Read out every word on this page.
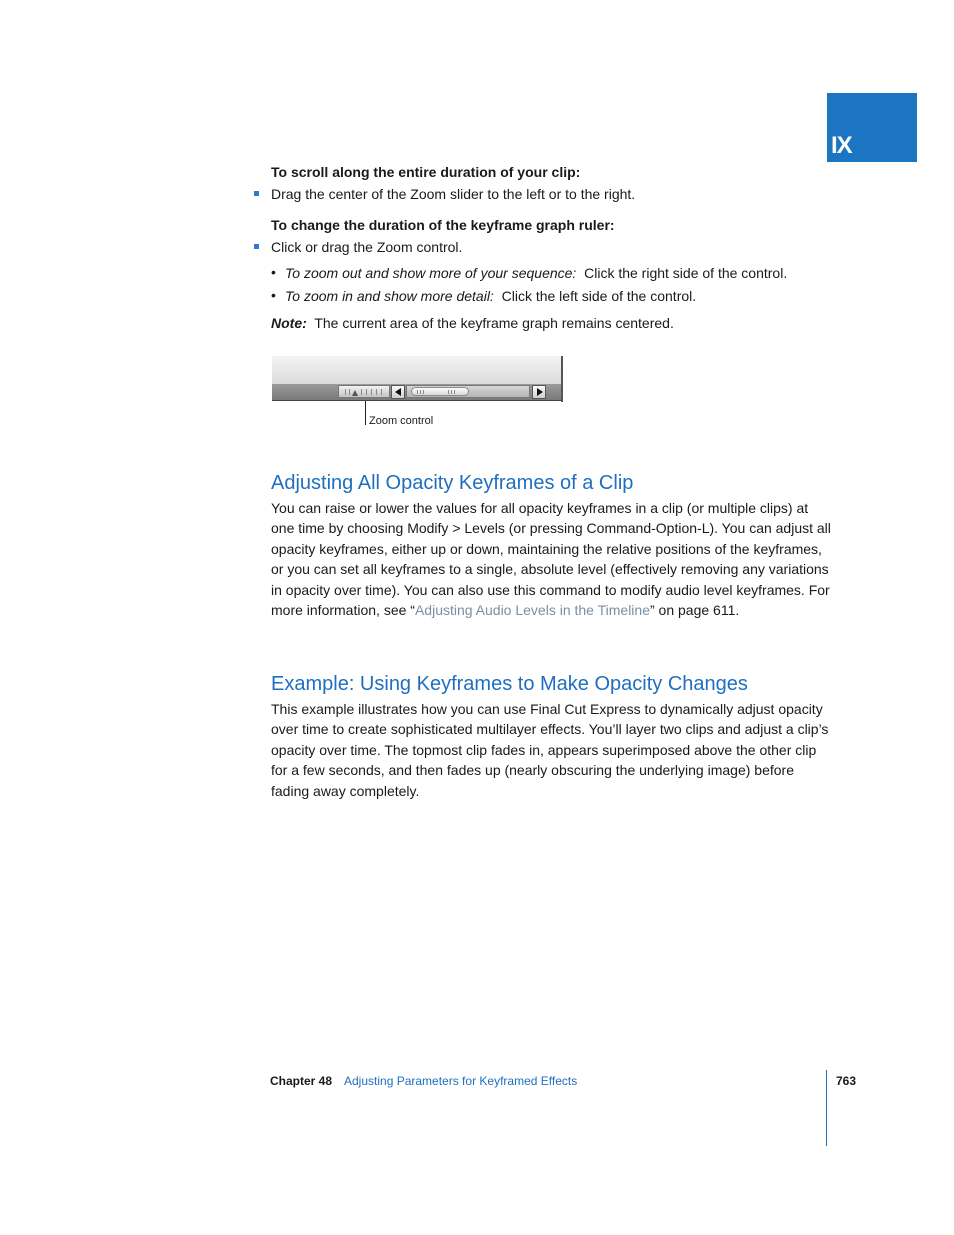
IX
To scroll along the entire duration of your clip:
Drag the center of the Zoom slider to the left or to the right.
To change the duration of the keyframe graph ruler:
Click or drag the Zoom control.
• To zoom out and show more of your sequence: Click the right side of the control.
• To zoom in and show more detail: Click the left side of the control.
Note: The current area of the keyframe graph remains centered.
Zoom control
Adjusting All Opacity Keyframes of a Clip
You can raise or lower the values for all opacity keyframes in a clip (or multiple clips) at one time by choosing Modify > Levels (or pressing Command-Option-L). You can adjust all opacity keyframes, either up or down, maintaining the relative positions of the keyframes, or you can set all keyframes to a single, absolute level (effectively removing any variations in opacity over time). You can also use this command to modify audio level keyframes. For more information, see “Adjusting Audio Levels in the Timeline” on page 611.
Example: Using Keyframes to Make Opacity Changes
This example illustrates how you can use Final Cut Express to dynamically adjust opacity over time to create sophisticated multilayer effects. You’ll layer two clips and adjust a clip’s opacity over time. The topmost clip fades in, appears superimposed above the other clip for a few seconds, and then fades up (nearly obscuring the underlying image) before fading away completely.
Chapter 48 Adjusting Parameters for Keyframed Effects	763
